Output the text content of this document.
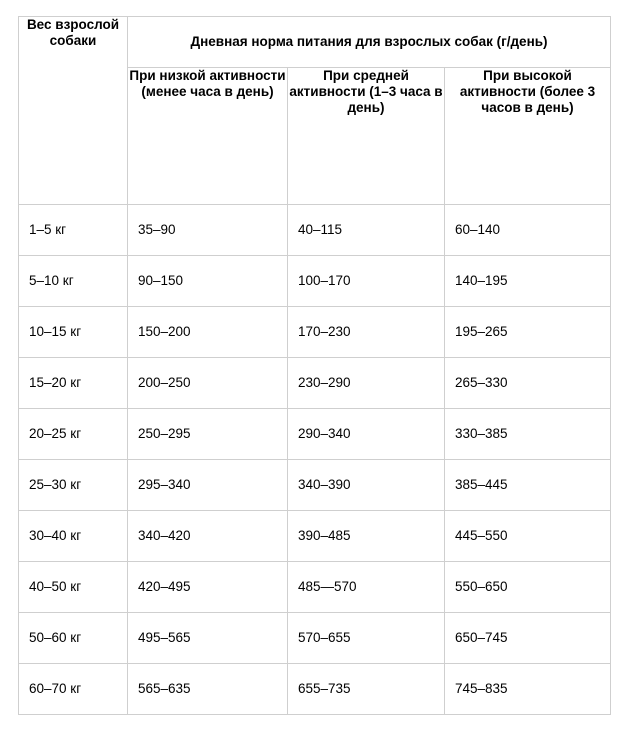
Вес взрослой собаки	Дневная норма питания для взрослых собак (г/день)		
	При низкой активности (менее часа в день)	При средней активности (1–3 часа в день)	При высокой активности (более 3 часов в день)
1–5 кг	35–90	40–115	60–140
5–10 кг	90–150	100–170	140–195
10–15 кг	150–200	170–230	195–265
15–20 кг	200–250	230–290	265–330
20–25 кг	250–295	290–340	330–385
25–30 кг	295–340	340–390	385–445
30–40 кг	340–420	390–485	445–550
40–50 кг	420–495	485—570	550–650
50–60 кг	495–565	570–655	650–745
60–70 кг	565–635	655–735	745–835
